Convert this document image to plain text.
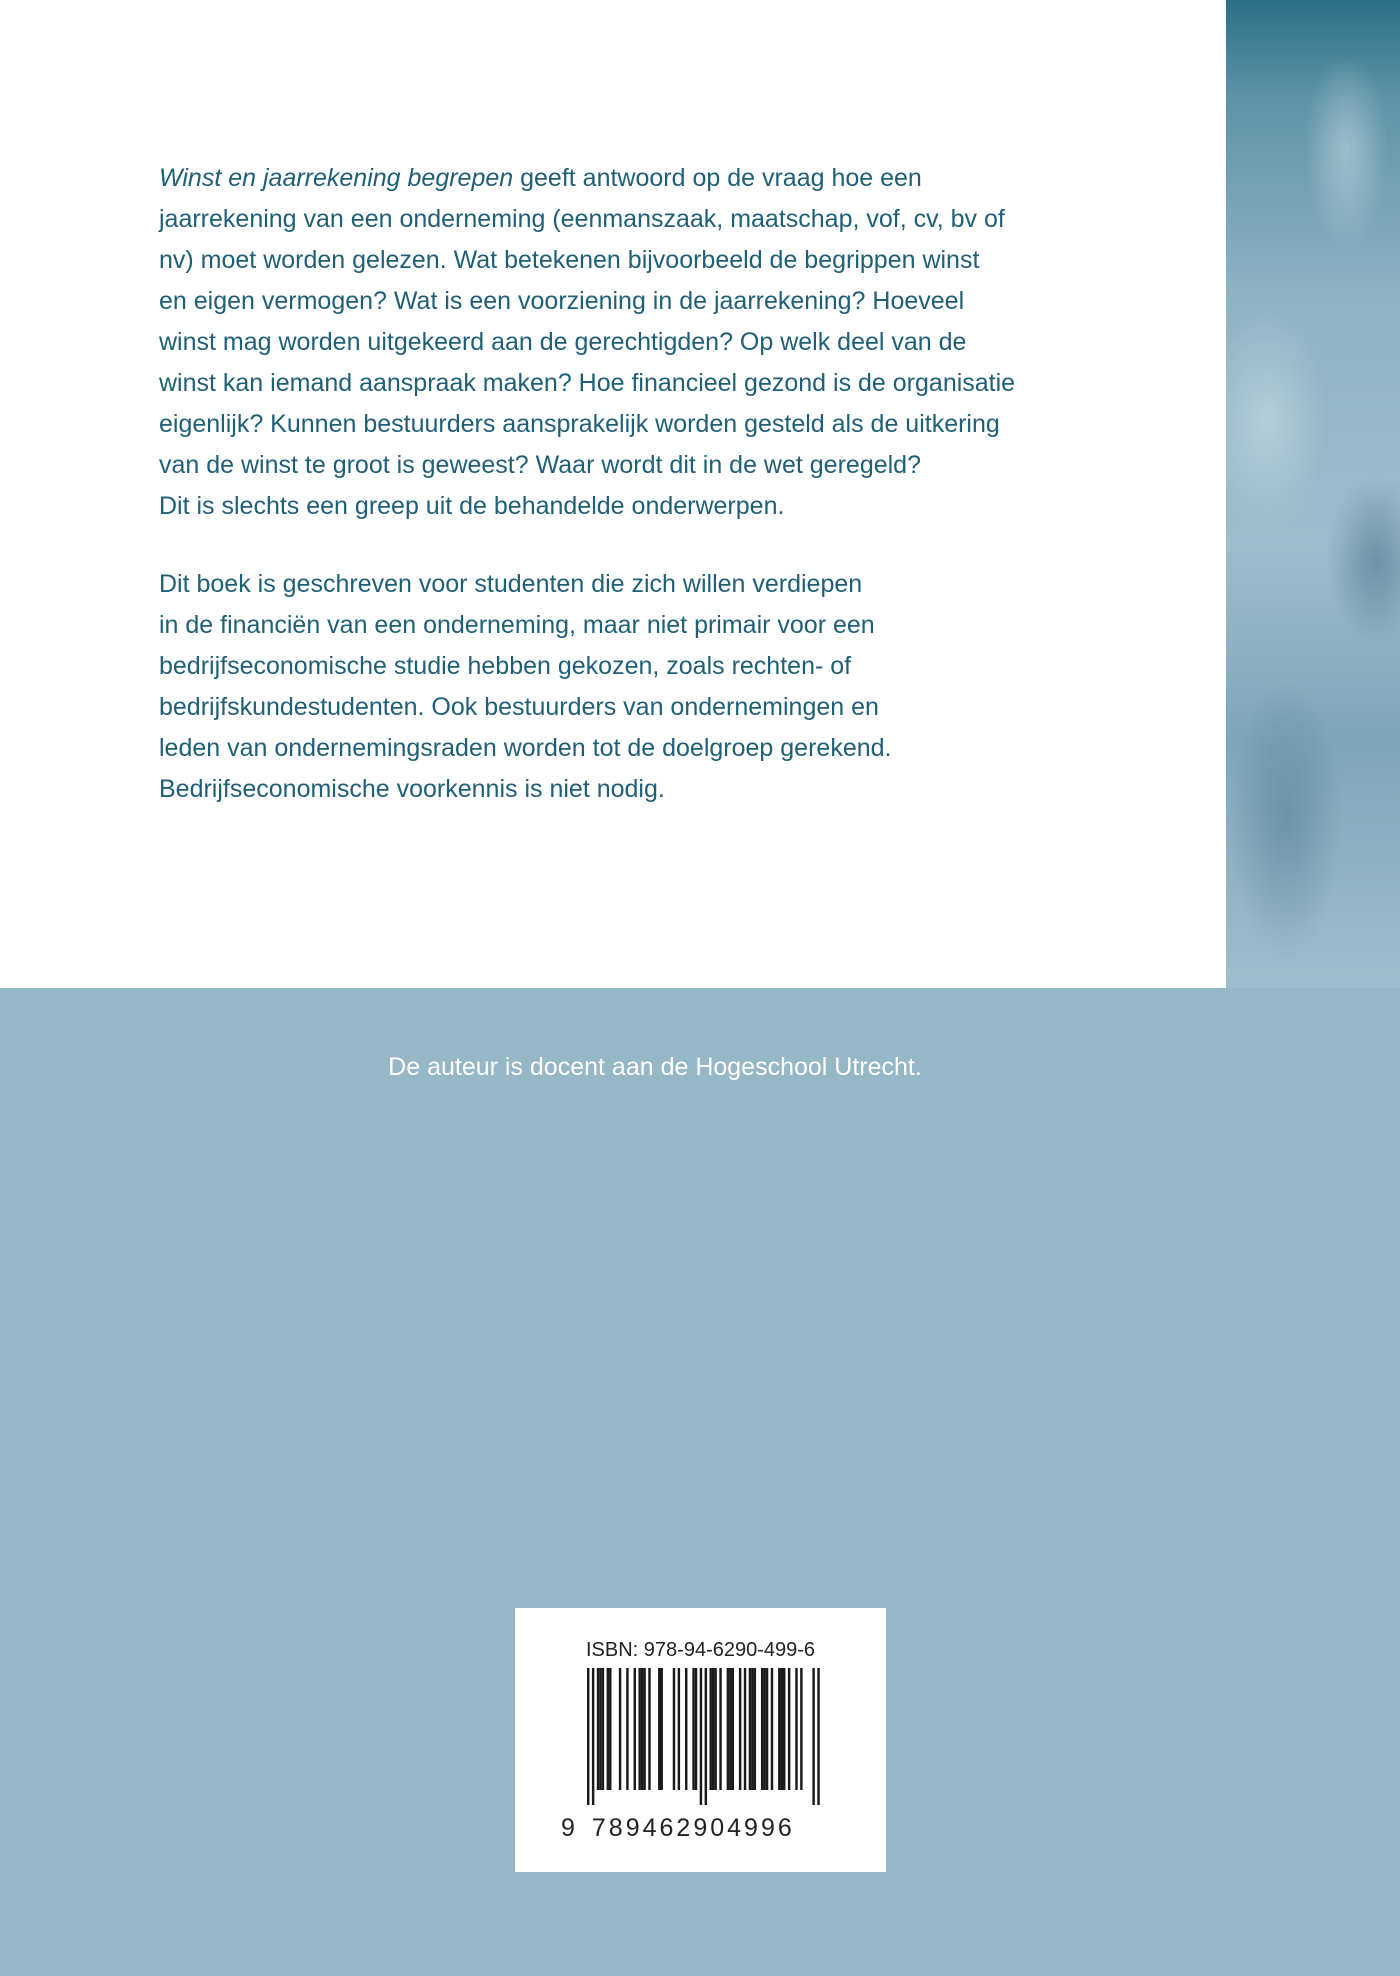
Winst en jaarrekening begrepen geeft antwoord op de vraag hoe een
jaarrekening van een onderneming (eenmanszaak, maatschap, vof, cv, bv of
nv) moet worden gelezen. Wat betekenen bijvoorbeeld de begrippen winst
en eigen vermogen? Wat is een voorziening in de jaarrekening? Hoeveel
winst mag worden uitgekeerd aan de gerechtigden? Op welk deel van de
winst kan iemand aanspraak maken? Hoe financieel gezond is de organisatie
eigenlijk? Kunnen bestuurders aansprakelijk worden gesteld als de uitkering
van de winst te groot is geweest? Waar wordt dit in de wet geregeld?
Dit is slechts een greep uit de behandelde onderwerpen.

Dit boek is geschreven voor studenten die zich willen verdiepen
in de financiën van een onderneming, maar niet primair voor een
bedrijfseconomische studie hebben gekozen, zoals rechten- of
bedrijfskundestudenten. Ook bestuurders van ondernemingen en
leden van ondernemingsraden worden tot de doelgroep gerekend.
Bedrijfseconomische voorkennis is niet nodig.

De auteur is docent aan de Hogeschool Utrecht.
ISBN: 978-94-6290-499-6
9 789462904996
